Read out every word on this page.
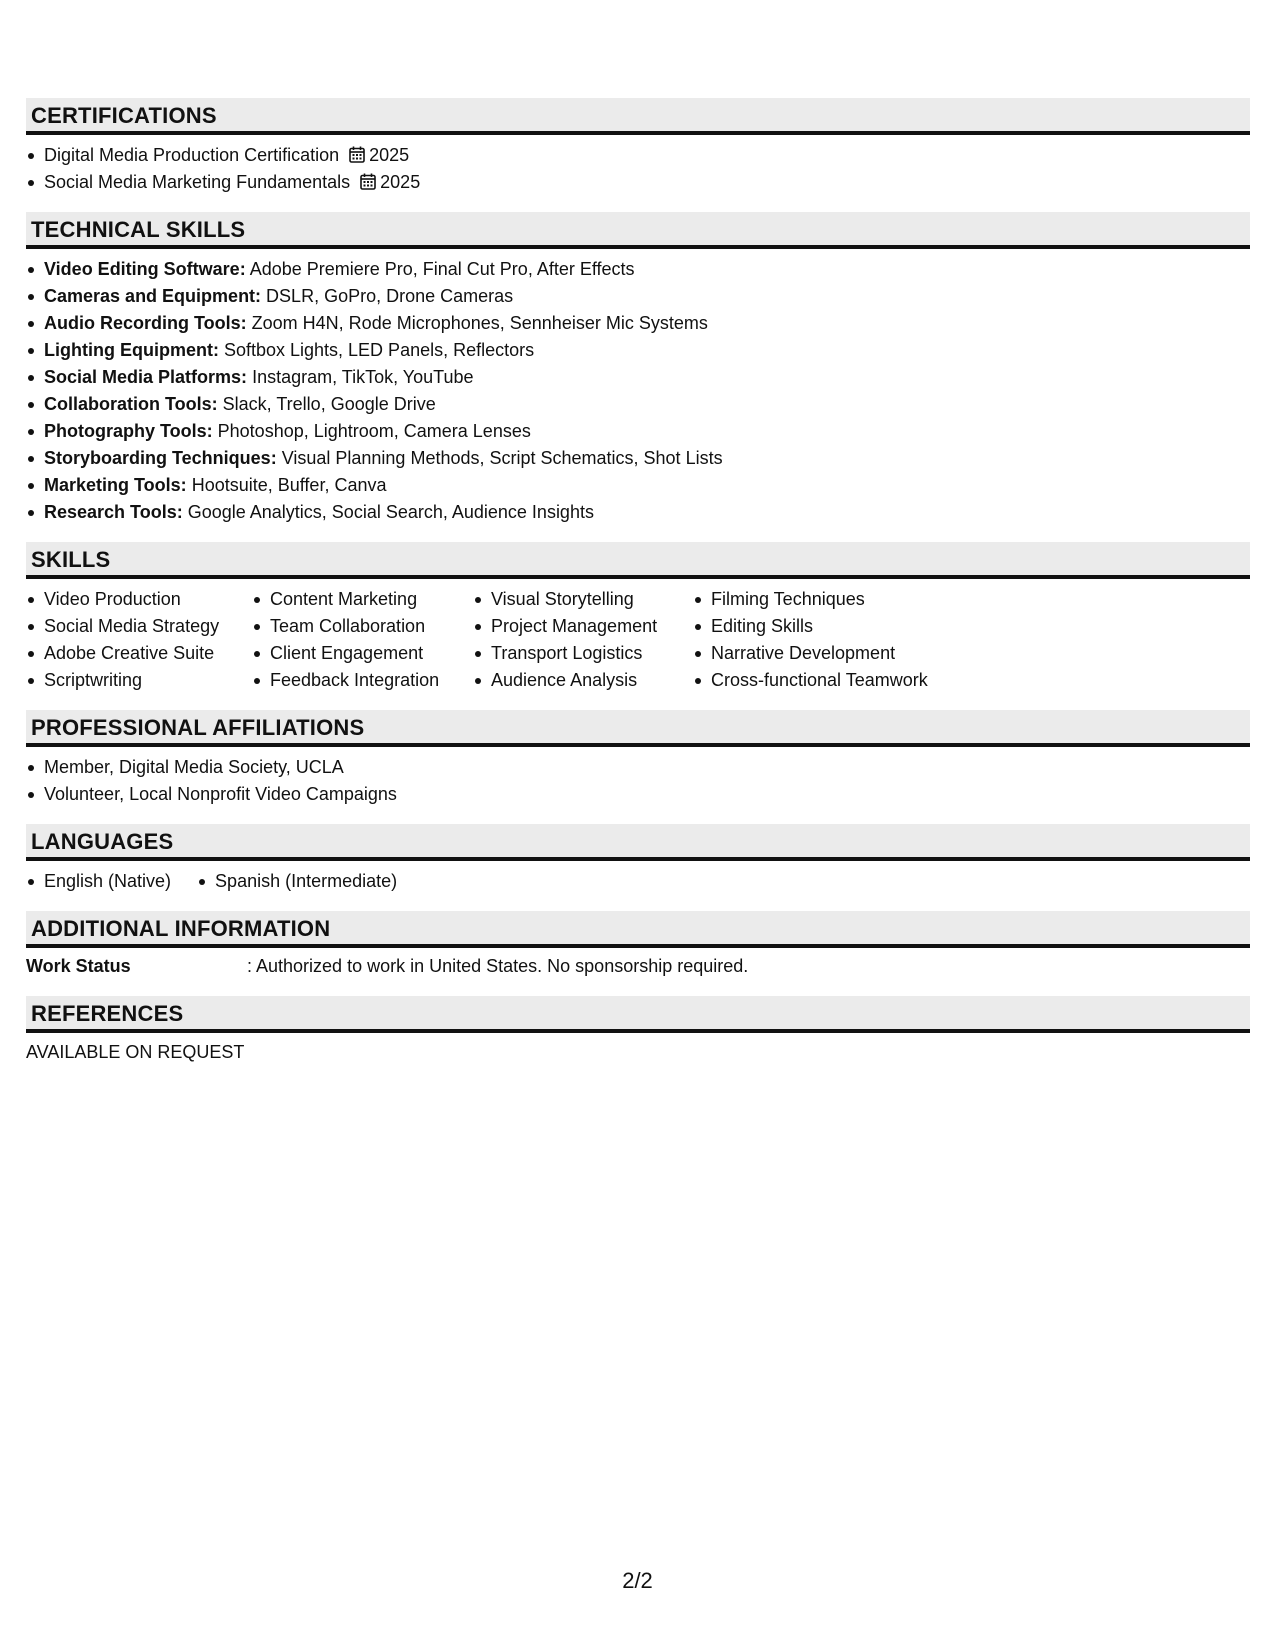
CERTIFICATIONS
Digital Media Production Certification 2025
Social Media Marketing Fundamentals 2025
TECHNICAL SKILLS
Video Editing Software: Adobe Premiere Pro, Final Cut Pro, After Effects
Cameras and Equipment: DSLR, GoPro, Drone Cameras
Audio Recording Tools: Zoom H4N, Rode Microphones, Sennheiser Mic Systems
Lighting Equipment: Softbox Lights, LED Panels, Reflectors
Social Media Platforms: Instagram, TikTok, YouTube
Collaboration Tools: Slack, Trello, Google Drive
Photography Tools: Photoshop, Lightroom, Camera Lenses
Storyboarding Techniques: Visual Planning Methods, Script Schematics, Shot Lists
Marketing Tools: Hootsuite, Buffer, Canva
Research Tools: Google Analytics, Social Search, Audience Insights
SKILLS
Video Production
Social Media Strategy
Adobe Creative Suite
Scriptwriting
Content Marketing
Team Collaboration
Client Engagement
Feedback Integration
Visual Storytelling
Project Management
Transport Logistics
Audience Analysis
Filming Techniques
Editing Skills
Narrative Development
Cross-functional Teamwork
PROFESSIONAL AFFILIATIONS
Member, Digital Media Society, UCLA
Volunteer, Local Nonprofit Video Campaigns
LANGUAGES
English (Native) Spanish (Intermediate)
ADDITIONAL INFORMATION
Work Status	: Authorized to work in United States. No sponsorship required.
REFERENCES
AVAILABLE ON REQUEST
2/2
